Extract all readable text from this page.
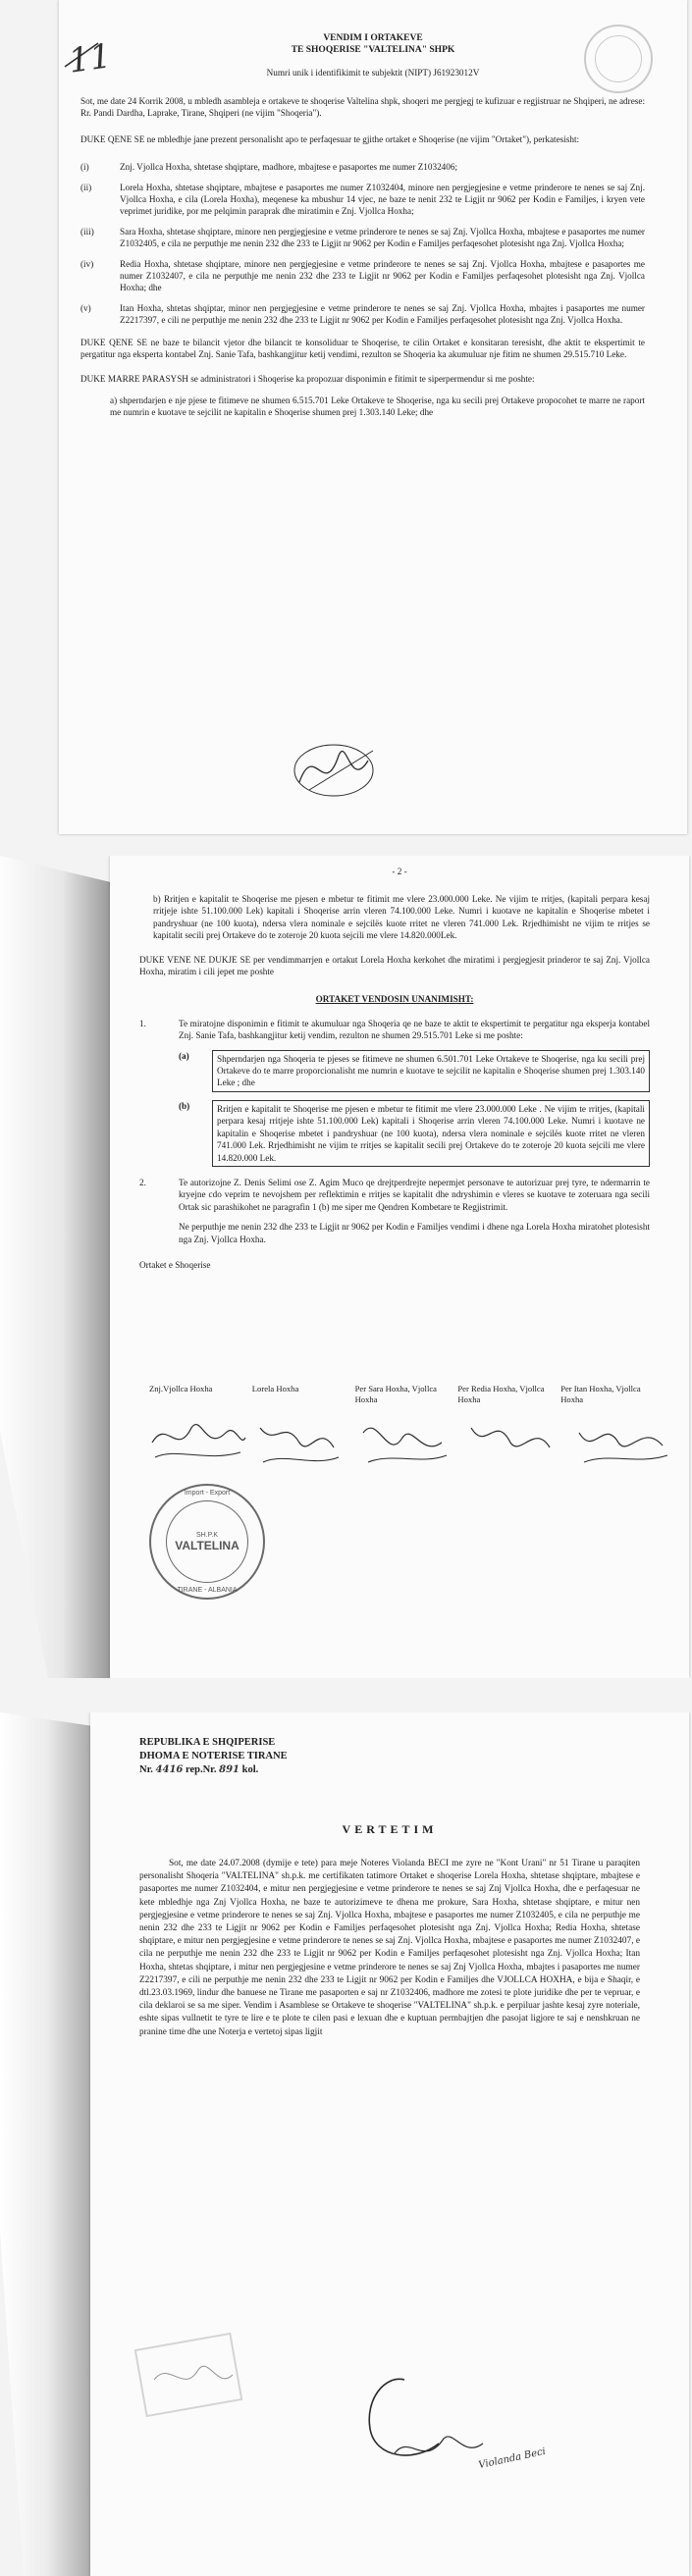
11	VENDIM I ORTAKEVE
TE SHOQERISE "VALTELINA" SHPK
Numri unik i identifikimit te subjektit (NIPT) J61923012V

Sot, me date 24 Korrik 2008, u mbledh asambleja e ortakeve te shoqerise Valtelina shpk, shoqeri me pergjegj te kufizuar e regjistruar ne Shqiperi, ne adrese: Rr. Pandi Dardha, Laprake, Tirane, Shqiperi (ne vijim "Shoqeria").

DUKE QENE SE ne mbledhje jane prezent personalisht apo te perfaqesuar te gjithe ortaket e Shoqerise (ne vijim "Ortaket"), perkatesisht:

(i)	Znj. Vjollca Hoxha, shtetase shqiptare, madhore, mbajtese e pasaportes me numer Z1032406;
(ii)	Lorela Hoxha, shtetase shqiptare, mbajtese e pasaportes me numer Z1032404, minore nen pergjegjesine e vetme prinderore te nenes se saj Znj. Vjollca Hoxha, e cila (Lorela Hoxha), meqenese ka mbushur 14 vjec, ne baze te nenit 232 te Ligjit nr 9062 per Kodin e Familjes, i kryen vete veprimet juridike, por me pelqimin paraprak dhe miratimin e Znj. Vjollca Hoxha;
(iii)	Sara Hoxha, shtetase shqiptare, minore nen pergjegjesine e vetme prinderore te nenes se saj Znj. Vjollca Hoxha, mbajtese e pasaportes me numer Z1032405, e cila ne perputhje me nenin 232 dhe 233 te Ligjit nr 9062 per Kodin e Familjes perfaqesohet plotesisht nga Znj. Vjollca Hoxha;
(iv)	Redia Hoxha, shtetase shqiptare, minore nen pergjegjesine e vetme prinderore te nenes se saj Znj. Vjollca Hoxha, mbajtese e pasaportes me numer Z1032407, e cila ne perputhje me nenin 232 dhe 233 te Ligjit nr 9062 per Kodin e Familjes perfaqesohet plotesisht nga Znj. Vjollca Hoxha; dhe
(v)	Itan Hoxha, shtetas shqiptar, minor nen pergjegjesine e vetme prinderore te nenes se saj Znj. Vjollca Hoxha, mbajtes i pasaportes me numer Z2217397, e cili ne perputhje me nenin 232 dhe 233 te Ligjit nr 9062 per Kodin e Familjes perfaqesohet plotesisht nga Znj. Vjollca Hoxha.

DUKE QENE SE ne baze te bilancit vjetor dhe bilancit te konsoliduar te Shoqerise, te cilin Ortaket e konsitaran teresisht, dhe aktit te ekspertimit te pergatitur nga eksperta kontabel Znj. Sanie Tafa, bashkangjitur ketij vendimi, rezulton se Shoqeria ka akumuluar nje fitim ne shumen 29.515.710 Leke.

DUKE MARRE PARASYSH se administratori i Shoqerise ka propozuar disponimin e fitimit te siperpermendur si me poshte:

a) shperndarjen e nje pjese te fitimeve ne shumen 6.515.701 Leke Ortakeve te Shoqerise, nga ku secili prej Ortakeve propocohet te marre ne raport me numrin e kuotave te sejcilit ne kapitalin e Shoqerise shumen prej 1.303.140 Leke; dhe

- 2 -

b) Rritjen e kapitalit te Shoqerise me pjesen e mbetur te fitimit me vlere 23.000.000 Leke. Ne vijim te rritjes, (kapitali perpara kesaj rritjeje ishte 51.100.000 Lek) kapitali i Shoqerise arrin vleren 74.100.000 Leke. Numri i kuotave ne kapitalin e Shoqerise mbetet i pandryshuar (ne 100 kuota), ndersa vlera nominale e sejcilës kuote rritet ne vleren 741.000 Lek. Rrjedhimisht ne vijim te rritjes se kapitalit secili prej Ortakeve do te zoteroje 20 kuota sejcili me vlere 14.820.000Lek.

DUKE VENE NE DUKJE SE per vendimmarrjen e ortakut Lorela Hoxha kerkohet dhe miratimi i pergjegjesit prinderor te saj Znj. Vjollca Hoxha, miratim i cili jepet me poshte

ORTAKET VENDOSIN UNANIMISHT:

1.	Te miratojne disponimin e fitimit te akumuluar nga Shoqeria qe ne baze te aktit te ekspertimit te pergatitur nga eksperja kontabel Znj. Sanie Tafa, bashkangjitur ketij vendim, rezulton ne shumen 29.515.701 Leke si me poshte:

(a)	Shperndarjen nga Shoqeria te pjeses se fitimeve ne shumen 6.501.701 Leke Ortakeve te Shoqerise, nga ku secili prej Ortakeve do te marre proporcionalisht me numrin e kuotave te sejcilit ne kapitalin e Shoqerise shumen prej 1.303.140 Leke ; dhe
(b)	Rritjen e kapitalit te Shoqerise me pjesen e mbetur te fitimit me vlere 23.000.000 Leke . Ne vijim te rritjes, (kapitali perpara kesaj rritjeje ishte 51.100.000 Lek) kapitali i Shoqerise arrin vleren 74.100.000 Leke. Numri i kuotave ne kapitalin e Shoqerise mbetet i pandryshuar (ne 100 kuota), ndersa vlera nominale e sejcilës kuote rritet ne vleren 741.000 Lek. Rrjedhimisht ne vijim te rritjes se kapitalit secili prej Ortakeve do te zoteroje 20 kuota sejcili me vlere 14.820.000 Lek.
2.	Te autorizojne Z. Denis Selimi ose Z. Agim Muco qe drejtperdrejte nepermjet personave te autorizuar prej tyre, te ndermarrin te kryejne cdo veprim te nevojshem per reflektimin e rritjes se kapitalit dhe ndryshimin e vleres se kuotave te zoteruara nga secili Ortak sic parashikohet ne paragrafin 1 (b) me siper me Qendren Kombetare te Regjistrimit.

Ne perputhje me nenin 232 dhe 233 te Ligjit nr 9062 per Kodin e Familjes vendimi i dhene nga Lorela Hoxha miratohet plotesisht nga Znj. Vjollca Hoxha.

Ortaket e Shoqerise

Znj.Vjollca Hoxha	Lorela Hoxha	Per Sara Hoxha, Vjollca Hoxha
Per Redia Hoxha, Vjollca Hoxha
Per Itan Hoxha, Vjollca Hoxha
SH.P.K
VALTELINA
Import - Export
TIRANE - ALBANIA
REPUBLIKA E SHQIPERISE
DHOMA E NOTERISE TIRANE
Nr. 4416 rep.Nr. 891 kol.
VERTETIM

Sot, me date 24.07.2008 (dymije e tete) para meje Noteres Violanda BECI me zyre ne "Kont Urani" nr 51 Tirane u paraqiten personalisht Shoqeria "VALTELINA" sh.p.k. me certifikaten tatimore Ortaket e shoqerise Lorela Hoxha, shtetase shqiptare, mbajtese e pasaportes me numer Z1032404, e mitur nen pergjegjesine e vetme prinderore te nenes se saj Znj Vjollca Hoxha, dhe e perfaqesuar ne kete mbledhje nga Znj Vjollca Hoxha, ne baze te autorizimeve te dhena me prokure, Sara Hoxha, shtetase shqiptare, e mitur nen pergjegjesine e vetme prinderore te nenes se saj Znj. Vjollca Hoxha, mbajtese e pasaportes me numer Z1032405, e cila ne perputhje me nenin 232 dhe 233 te Ligjit nr 9062 per Kodin e Familjes perfaqesohet plotesisht nga Znj. Vjollca Hoxha; Redia Hoxha, shtetase shqiptare, e mitur nen pergjegjesine e vetme prinderore te nenes se saj Znj. Vjollca Hoxha, mbajtese e pasaportes me numer Z1032407, e cila ne perputhje me nenin 232 dhe 233 te Ligjit nr 9062 per Kodin e Familjes perfaqesohet plotesisht nga Znj. Vjollca Hoxha; Itan Hoxha, shtetas shqiptare, i mitur nen pergjegjesine e vetme prinderore te nenes se saj Znj Vjollca Hoxha, mbajtes i pasaportes me numer Z2217397, e cili ne perputhje me nenin 232 dhe 233 te Ligjit nr 9062 per Kodin e Familjes dhe VJOLLCA HOXHA, e bija e Shaqir, e dtl.23.03.1969, lindur dhe banuese ne Tirane me pasaporten e saj nr Z1032406, madhore me zotesi te plote juridike dhe per te vepruar, e cila deklaroi se sa me siper. Vendim i Asamblese se Ortakeve te shoqerise "VALTELINA" sh.p.k. e perpiluar jashte kesaj zyre noteriale, eshte sipas vullnetit te tyre te lire e te plote te cilen pasi e lexuan dhe e kuptuan permbajtjen dhe pasojat ligjore te saj e nenshkruan ne pranine time dhe une Noterja e vertetoj sipas ligjit

Violanda Beci
